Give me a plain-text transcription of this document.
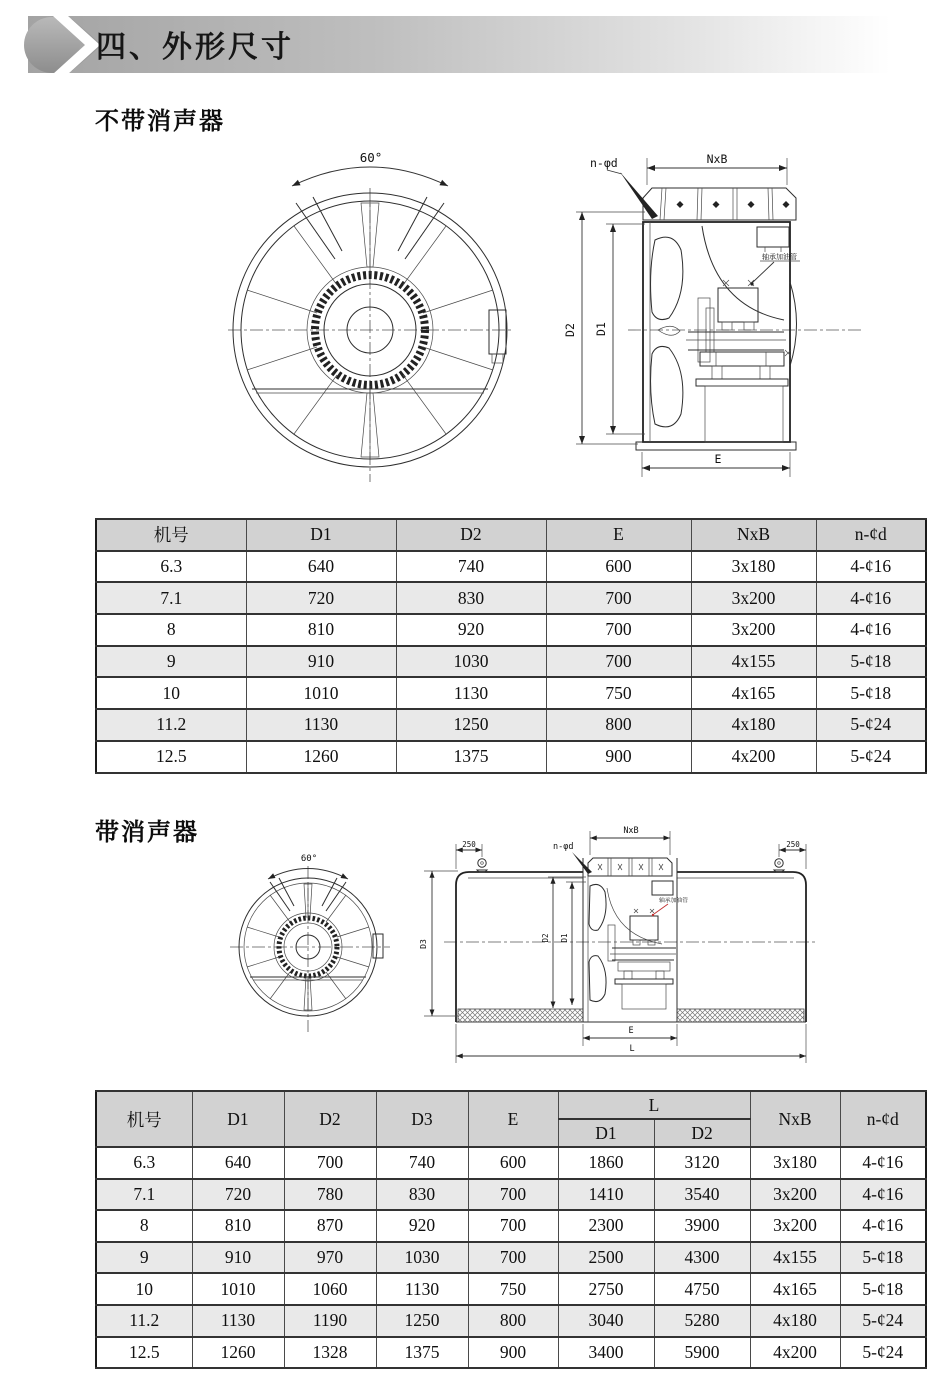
四、外形尺寸
不带消声器
60°	n-φd	NxB
D2 D1
轴承加油管
E
机号	D1	D2	E	NxB	n-¢d
6.3	640	740	600	3x180	4-¢16
7.1	720	830	700	3x200	4-¢16
8	810	920	700	3x200	4-¢16
9	910	1030	700	4x155	5-¢18
10	1010	1130	750	4x165	5-¢18
11.2	1130	1250	800	4x180	5-¢24
12.5	1260	1375	900	4x200	5-¢24
带消声器
60°
NxB
n-φd
250	250
D2 D1
D3
轴承加油管
E
L
机号	D1	D2	D3	E	L		NxB	n-¢d
					D1	D2		
6.3	640	700	740	600	1860	3120	3x180	4-¢16
7.1	720	780	830	700	1410	3540	3x200	4-¢16
8	810	870	920	700	2300	3900	3x200	4-¢16
9	910	970	1030	700	2500	4300	4x155	5-¢18
10	1010	1060	1130	750	2750	4750	4x165	5-¢18
11.2	1130	1190	1250	800	3040	5280	4x180	5-¢24
12.5	1260	1328	1375	900	3400	5900	4x200	5-¢24
